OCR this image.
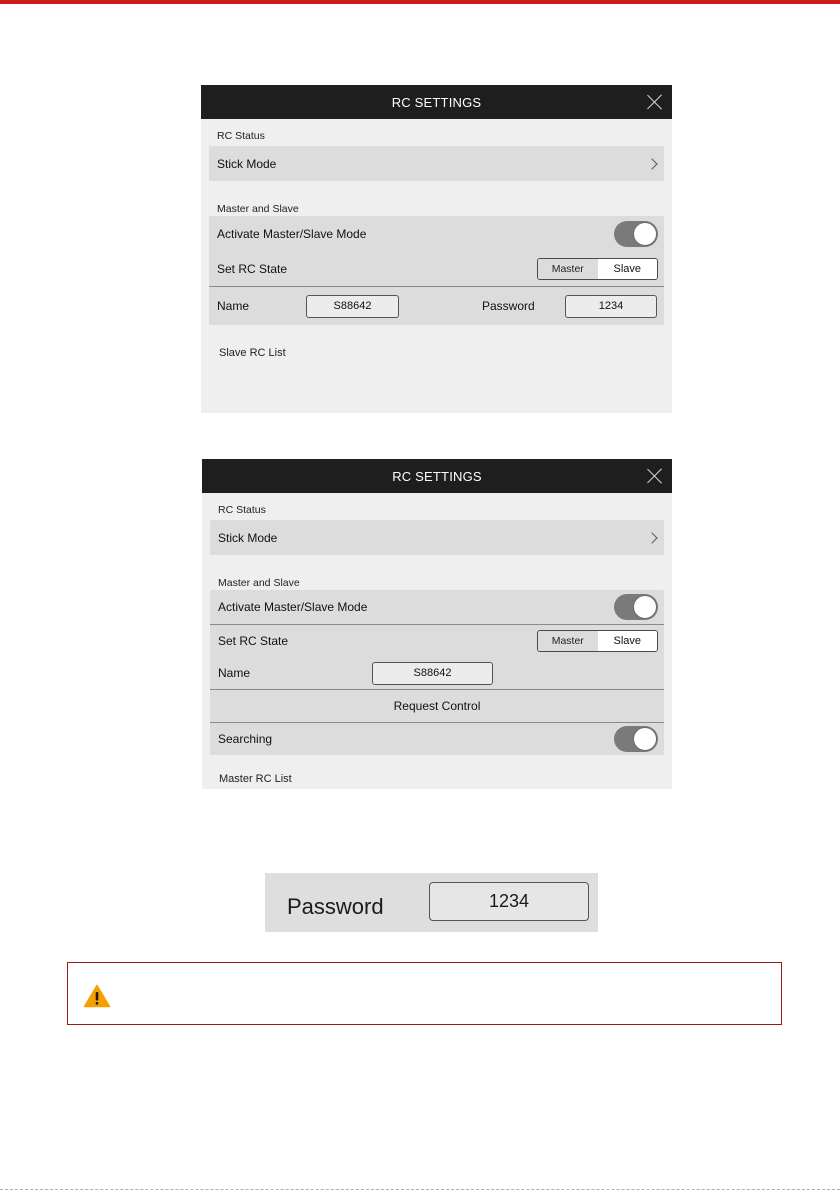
RC SETTINGS
RC Status
Stick Mode
Master and Slave
Activate Master/Slave Mode
Set RC State	Master	Slave
Name	S88642	Password	1234
Slave RC List
RC SETTINGS
RC Status
Stick Mode
Master and Slave
Activate Master/Slave Mode
Set RC State	Master	Slave
Name	S88642
Request Control
Searching
Master RC List
Password	1234
